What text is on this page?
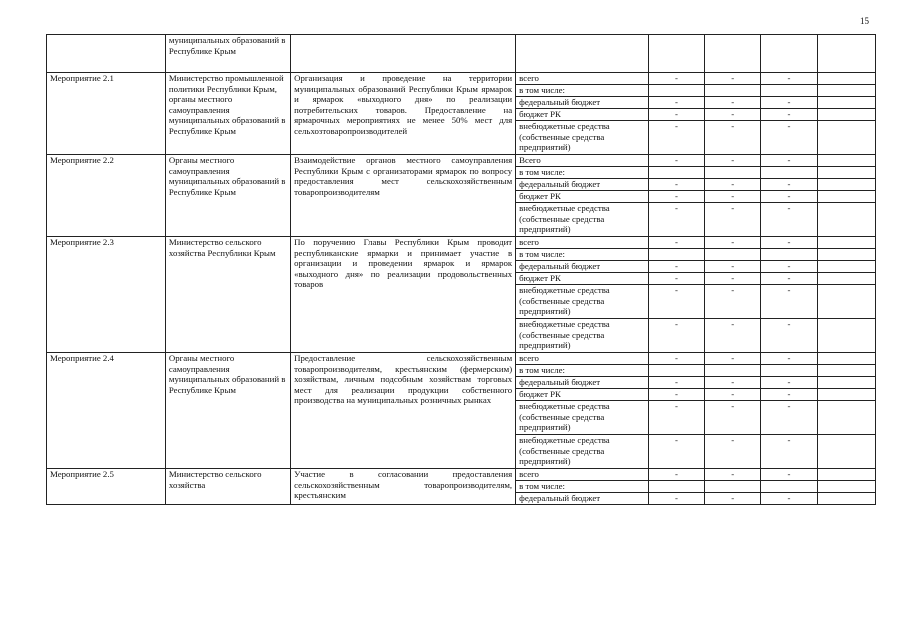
15
	муниципальных образований в Республике Крым						
Мероприятие 2.1	Министерство промышленной политики Республики Крым, органы местного самоуправления муниципальных образований в Республике Крым	Организация и проведение на территории муниципальных образований Республики Крым ярмарок и ярмарок «выходного дня» по реализации потребительских товаров. Предоставление на ярмарочных мероприятиях не менее 50% мест для сельхозтоваропроизводителей	всего	-	-	-	
			в том числе:				
			федеральный бюджет	-	-	-	
			бюджет РК	-	-	-	
			внебюджетные средства (собственные средства предприятий)	-	-	-	
Мероприятие 2.2	Органы местного самоуправления муниципальных образований в Республике Крым	Взаимодействие органов местного самоуправления Республики Крым с организаторами ярмарок по вопросу предоставления мест сельскохозяйственным товаропроизводителям	Всего	-	-	-	
			в том числе:				
			федеральный бюджет	-	-	-	
			бюджет РК	-	-	-	
			внебюджетные средства (собственные средства предприятий)	-	-	-	
Мероприятие 2.3	Министерство сельского хозяйства Республики Крым	По поручению Главы Республики Крым проводит республиканские ярмарки и принимает участие в организации и проведении ярмарок и ярмарок «выходного дня» по реализации продовольственных товаров	всего	-	-	-	
			в том числе:				
			федеральный бюджет	-	-	-	
			бюджет РК	-	-	-	
			внебюджетные средства (собственные средства предприятий)	-	-	-	
			внебюджетные средства (собственные средства предприятий)	-	-	-	
Мероприятие 2.4	Органы местного самоуправления муниципальных образований в Республике Крым	Предоставление сельскохозяйственным товаропроизводителям, крестьянским (фермерским) хозяйствам, личным подсобным хозяйствам торговых мест для реализации продукции собственного производства на муниципальных розничных рынках	всего	-	-	-	
			в том числе:				
			федеральный бюджет	-	-	-	
			бюджет РК	-	-	-	
			внебюджетные средства (собственные средства предприятий)	-	-	-	
			внебюджетные средства (собственные средства предприятий)	-	-	-	
Мероприятие 2.5	Министерство сельского хозяйства	Участие в согласовании предоставления сельскохозяйственным товаропроизводителям, крестьянским	всего	-	-	-	
			в том числе:				
			федеральный бюджет	-	-	-	
